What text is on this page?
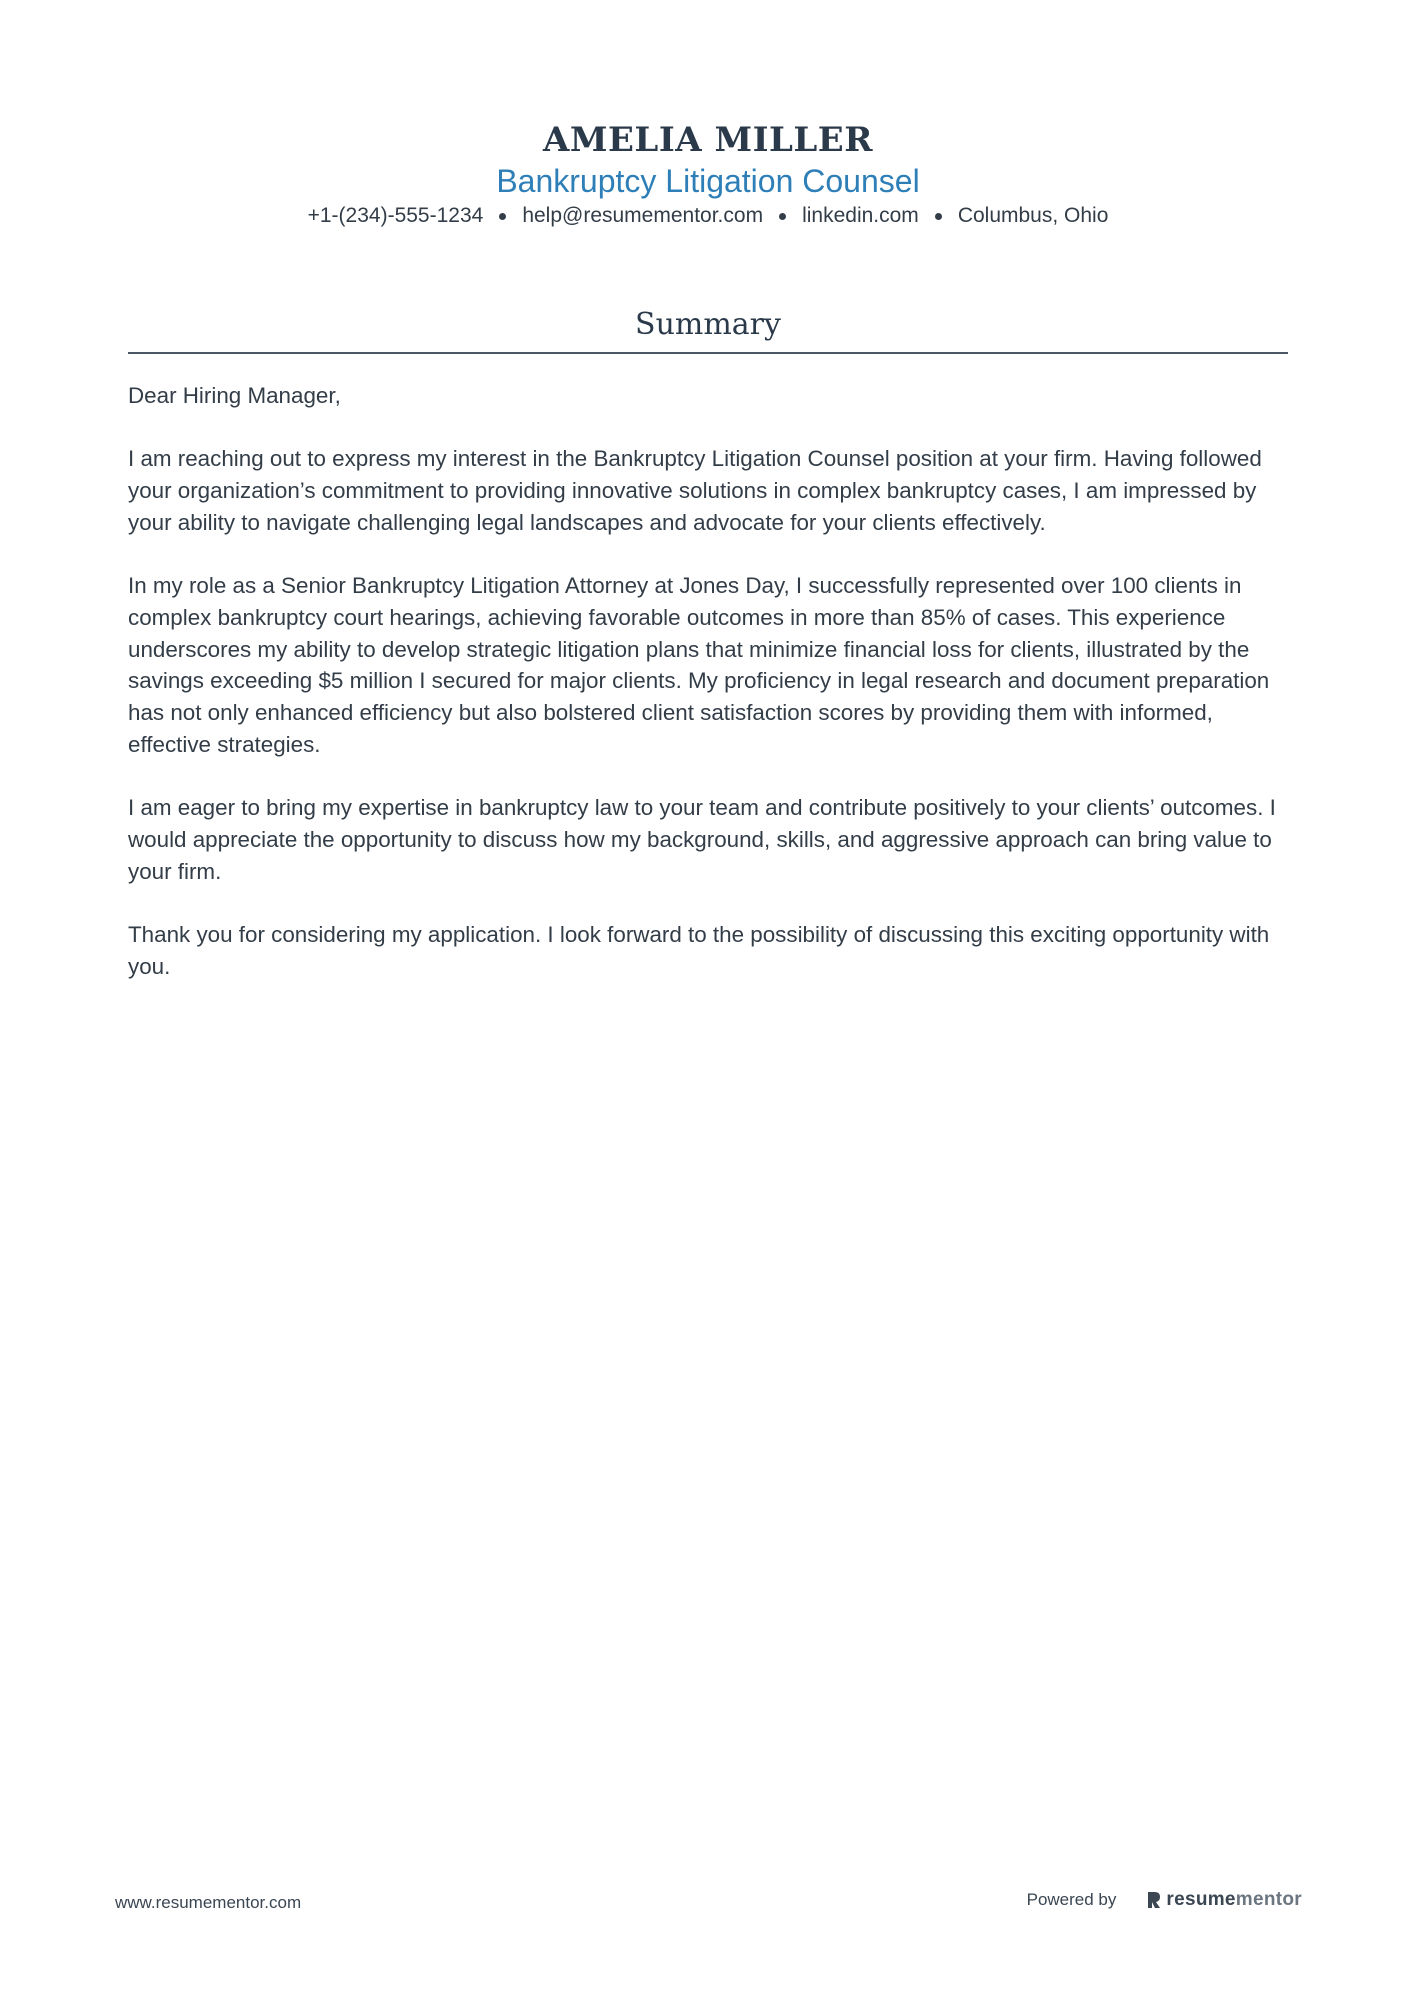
AMELIA MILLER
Bankruptcy Litigation Counsel
+1-(234)-555-1234 help@resumementor.com linkedin.com Columbus, Ohio
Summary

Dear Hiring Manager,

I am reaching out to express my interest in the Bankruptcy Litigation Counsel position at your firm. Having followed your organization’s commitment to providing innovative solutions in complex bankruptcy cases, I am impressed by your ability to navigate challenging legal landscapes and advocate for your clients effectively.

In my role as a Senior Bankruptcy Litigation Attorney at Jones Day, I successfully represented over 100 clients in complex bankruptcy court hearings, achieving favorable outcomes in more than 85% of cases. This experience underscores my ability to develop strategic litigation plans that minimize financial loss for clients, illustrated by the savings exceeding $5 million I secured for major clients. My proficiency in legal research and document preparation has not only enhanced efficiency but also bolstered client satisfaction scores by providing them with informed, effective strategies.

I am eager to bring my expertise in bankruptcy law to your team and contribute positively to your clients’ outcomes. I would appreciate the opportunity to discuss how my background, skills, and aggressive approach can bring value to your firm.

Thank you for considering my application. I look forward to the possibility of discussing this exciting opportunity with you.

www.resumementor.com	Powered by	resume mentor
